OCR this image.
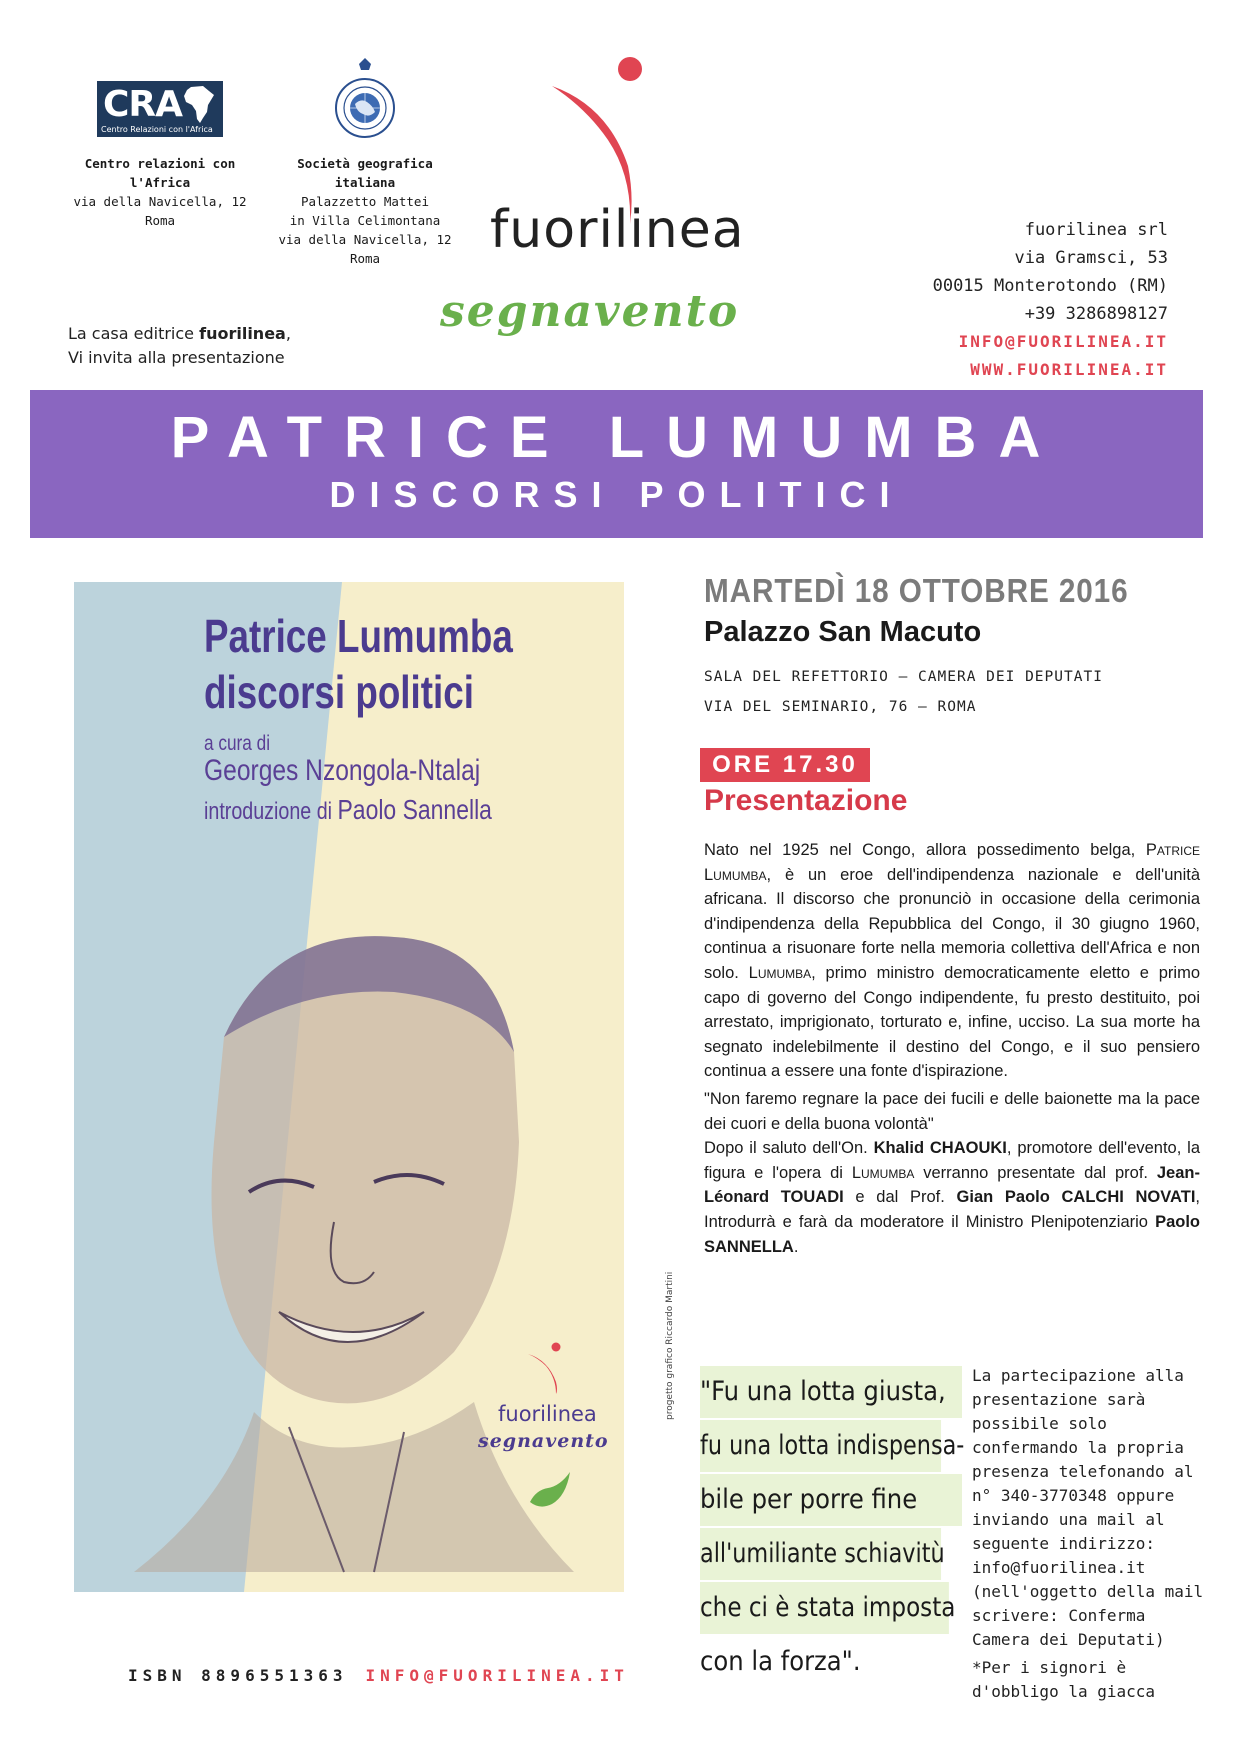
CRA
Centro Relazioni con l'Africa
Centro relazioni con l'Africa
via della Navicella, 12
Roma
Società geografica italiana
Palazzetto Mattei
in Villa Celimontana
via della Navicella, 12
Roma	fuorilinea
segnavento
La casa editrice fuorilinea,
Vi invita alla presentazione
fuorilinea srl
via Gramsci, 53
00015 Monterotondo (RM)
+39 3286898127
INFO@FUORILINEA.IT
WWW.FUORILINEA.IT
PATRICE LUMUMBA
DISCORSI POLITICI
Patrice Lumumba
discorsi politici
a cura di
Georges Nzongola-Ntalaj
introduzione di Paolo Sannella
fuorilinea
segnavento
progetto grafico Riccardo Martini
MARTEDÌ 18 OTTOBRE 2016
Palazzo San Macuto
SALA DEL REFETTORIO – CAMERA DEI DEPUTATI
VIA DEL SEMINARIO, 76 – ROMA
ORE 17.30
Presentazione

Nato nel 1925 nel Congo, allora possedimento belga, Patrice Lumumba, è un eroe dell'indipendenza nazionale e dell'unità africana. Il discorso che pronunciò in occasione della cerimonia d'indipendenza della Repubblica del Congo, il 30 giugno 1960, continua a risuonare forte nella memoria collettiva dell'Africa e non solo. Lumumba, primo ministro democraticamente eletto e primo capo di governo del Congo indipendente, fu presto destituito, poi arrestato, imprigionato, torturato e, infine, ucciso. La sua morte ha segnato indelebilmente il destino del Congo, e il suo pensiero continua a essere una fonte d'ispirazione.

"Non faremo regnare la pace dei fucili e delle baionette ma la pace dei cuori e della buona volontà"

Dopo il saluto dell'On. Khalid CHAOUKI, promotore dell'evento, la figura e l'opera di Lumumba verranno presentate dal prof. Jean-Léonard TOUADI e dal Prof. Gian Paolo CALCHI NOVATI, Introdurrà e farà da moderatore il Ministro Plenipotenziario Paolo SANNELLA.

"Fu una lotta giusta,
fu una lotta indispensa-
bile per porre fine
all'umiliante schiavitù
che ci è stata imposta
con la forza".
La partecipazione alla presentazione sarà possibile solo confermando la propria presenza telefonando al n° 340-3770348 oppure inviando una mail al seguente indirizzo: info@fuorilinea.it (nell'oggetto della mail scrivere: Conferma Camera dei Deputati)
*Per i signori è d'obbligo la giacca
ISBN 8896551363 INFO@FUORILINEA.IT
